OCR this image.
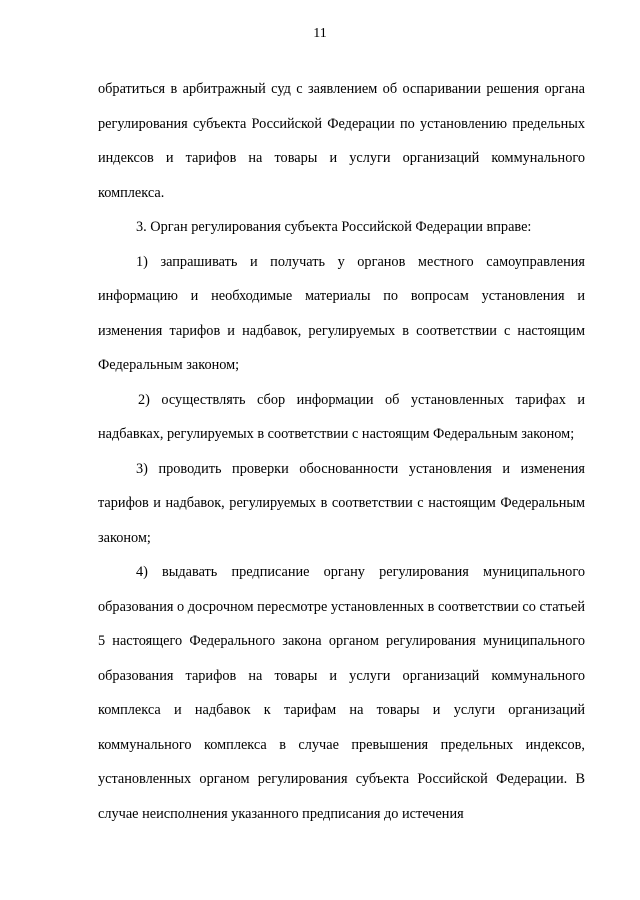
11

обратиться в арбитражный суд с заявлением об оспаривании решения органа регулирования субъекта Российской Федерации по установлению предельных индексов и тарифов на товары и услуги организаций коммунального комплекса.

3. Орган регулирования субъекта Российской Федерации вправе:

1) запрашивать и получать у органов местного самоуправления информацию и необходимые материалы по вопросам установления и изменения тарифов и надбавок, регулируемых в соответствии с настоящим Федеральным законом;

2) осуществлять сбор информации об установленных тарифах и надбавках, регулируемых в соответствии с настоящим Федеральным законом;

3) проводить проверки обоснованности установления и изменения тарифов и надбавок, регулируемых в соответствии с настоящим Федеральным законом;

4) выдавать предписание органу регулирования муниципального образования о досрочном пересмотре установленных в соответствии со статьей 5 настоящего Федерального закона органом регулирования муниципального образования тарифов на товары и услуги организаций коммунального комплекса и надбавок к тарифам на товары и услуги организаций коммунального комплекса в случае превышения предельных индексов, установленных органом регулирования субъекта Российской Федерации. В случае неисполнения указанного предписания до истечения
